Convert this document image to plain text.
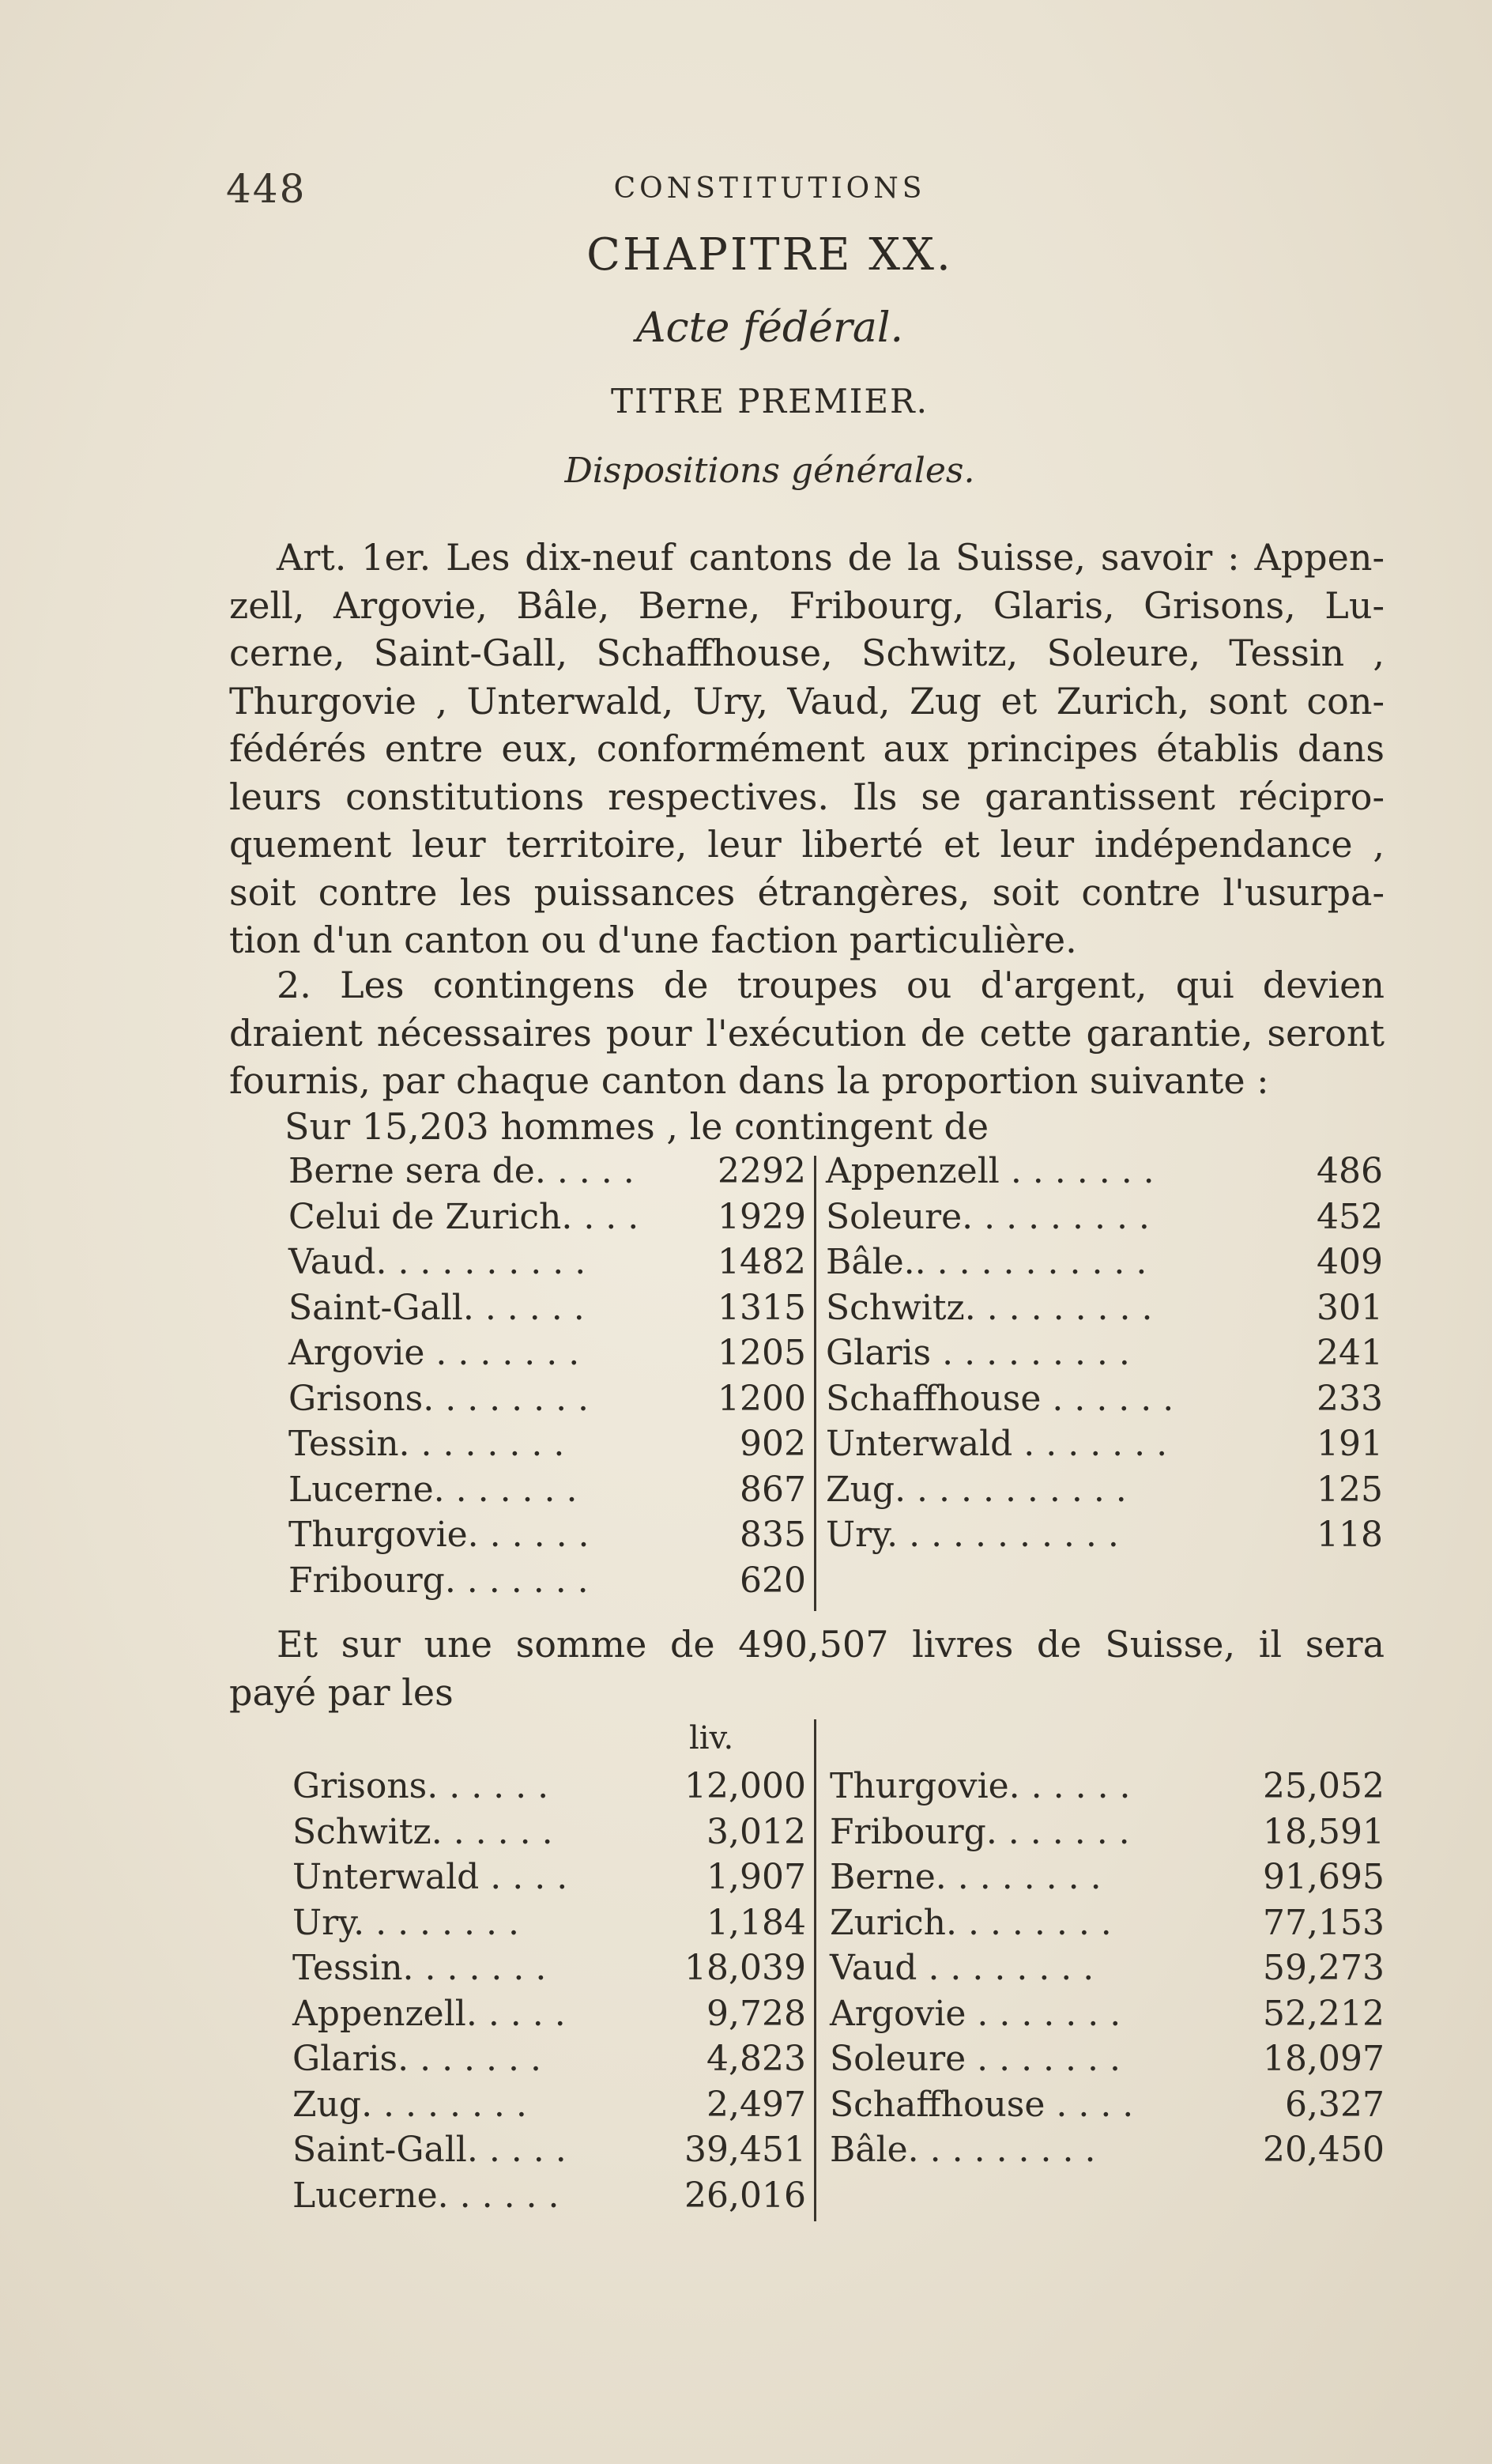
448	CONSTITUTIONS
CHAPITRE XX.
Acte fédéral.
TITRE PREMIER.
Dispositions générales.
Art. 1er. Les dix-neuf cantons de la Suisse, savoir : Appen-
zell, Argovie, Bâle, Berne, Fribourg, Glaris, Grisons, Lu-
cerne, Saint-Gall, Schaffhouse, Schwitz, Soleure, Tessin ,
Thurgovie , Unterwald, Ury, Vaud, Zug et Zurich, sont con-
fédérés entre eux, conformément aux principes établis dans
leurs constitutions respectives. Ils se garantissent récipro-
quement leur territoire, leur liberté et leur indépendance ,
soit contre les puissances étrangères, soit contre l'usurpa-
tion d'un canton ou d'une faction particulière.
2. Les contingens de troupes ou d'argent, qui devien
draient nécessaires pour l'exécution de cette garantie, seront
fournis, par chaque canton dans la proportion suivante :
Sur 15,203 hommes , le contingent de
Berne sera de. . . . . 2292
Celui de Zurich. . . . 1929
Vaud. . . . . . . . . .	1482
Saint-Gall. . . . . .	1315
Argovie . . . . . . .	1205
Grisons. . . . . . . .	1200
Tessin. . . . . . . .	902
Lucerne. . . . . . .	867
Thurgovie. . . . . .	835
Fribourg. . . . . . .	620
Appenzell . . . . . . .	486
Soleure. . . . . . . . .	452
Bâle.. . . . . . . . . . .	409
Schwitz. . . . . . . . .	301
Glaris . . . . . . . . .	241
Schaffhouse . . . . . .	233
Unterwald . . . . . . .	191
Zug. . . . . . . . . . .	125
Ury. . . . . . . . . . .	118
Et sur une somme de 490,507 livres de Suisse, il sera
payé par les
liv.
Grisons. . . . . .	12,000
Schwitz. . . . . .	3,012
Unterwald . . . .	1,907
Ury. . . . . . . .	1,184
Tessin. . . . . . .	18,039
Appenzell. . . . .	9,728
Glaris. . . . . . .	4,823
Zug. . . . . . . .	2,497
Saint-Gall. . . . .	39,451
Lucerne. . . . . .	26,016
Thurgovie. . . . . .	25,052
Fribourg. . . . . . .	18,591
Berne. . . . . . . .	91,695
Zurich. . . . . . . .	77,153
Vaud . . . . . . . .	59,273
Argovie . . . . . . .	52,212
Soleure . . . . . . .	18,097
Schaffhouse . . . .	6,327
Bâle. . . . . . . . .	20,450
